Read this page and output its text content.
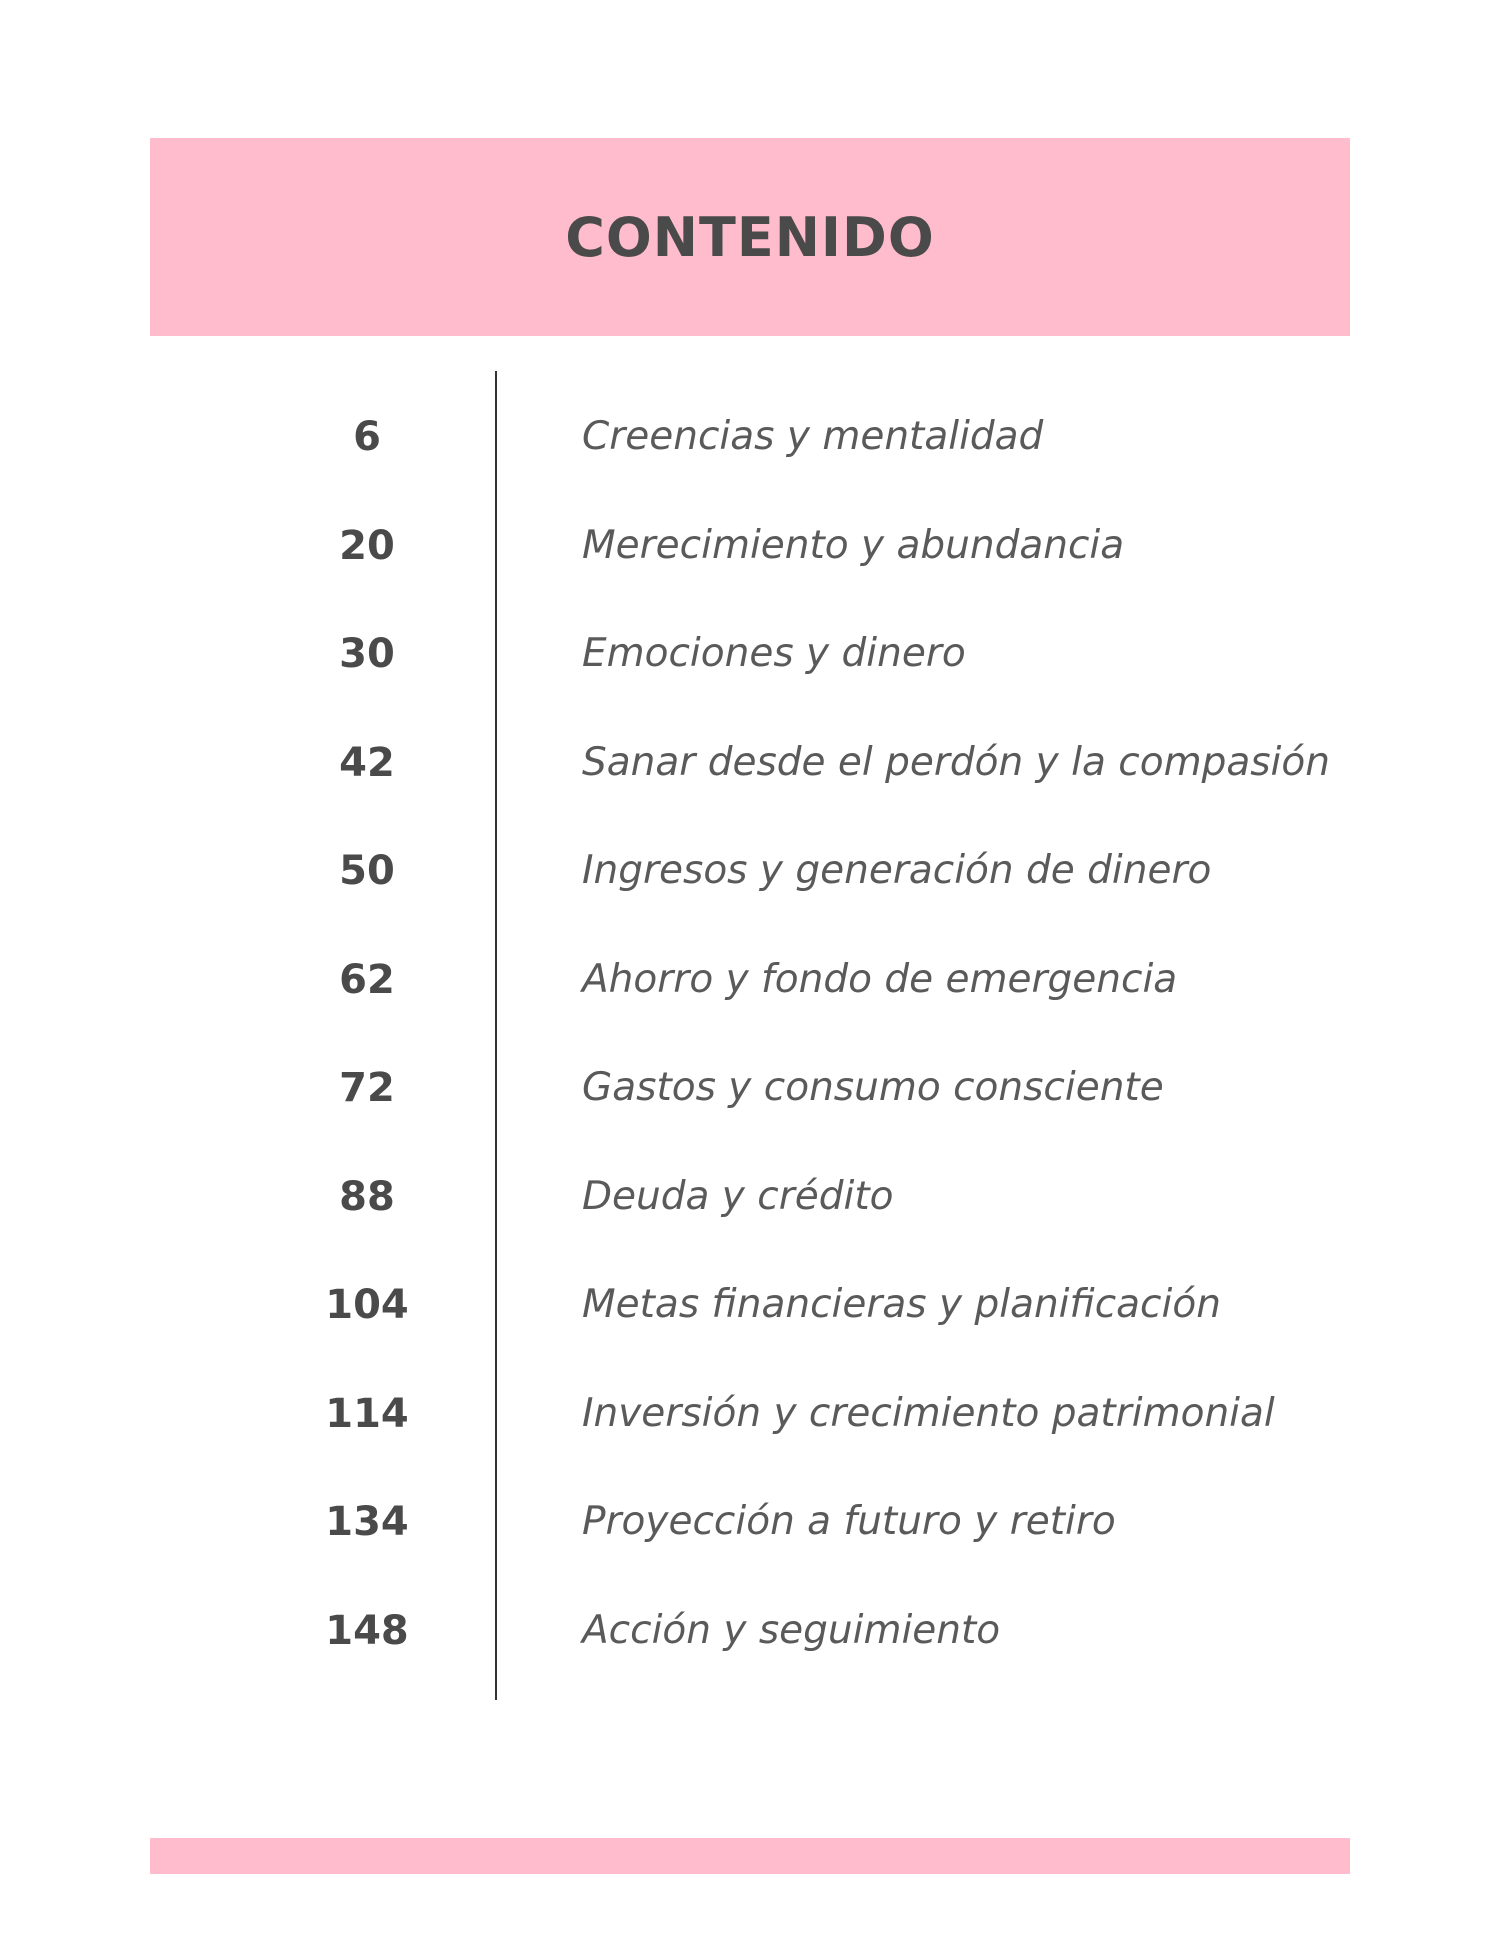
CONTENIDO
6	Creencias y mentalidad
20	Merecimiento y abundancia
30	Emociones y dinero
42	Sanar desde el perdón y la compasión
50	Ingresos y generación de dinero
62	Ahorro y fondo de emergencia
72	Gastos y consumo consciente
88	Deuda y crédito
104	Metas financieras y planificación
114	Inversión y crecimiento patrimonial
134	Proyección a futuro y retiro
148	Acción y seguimiento
